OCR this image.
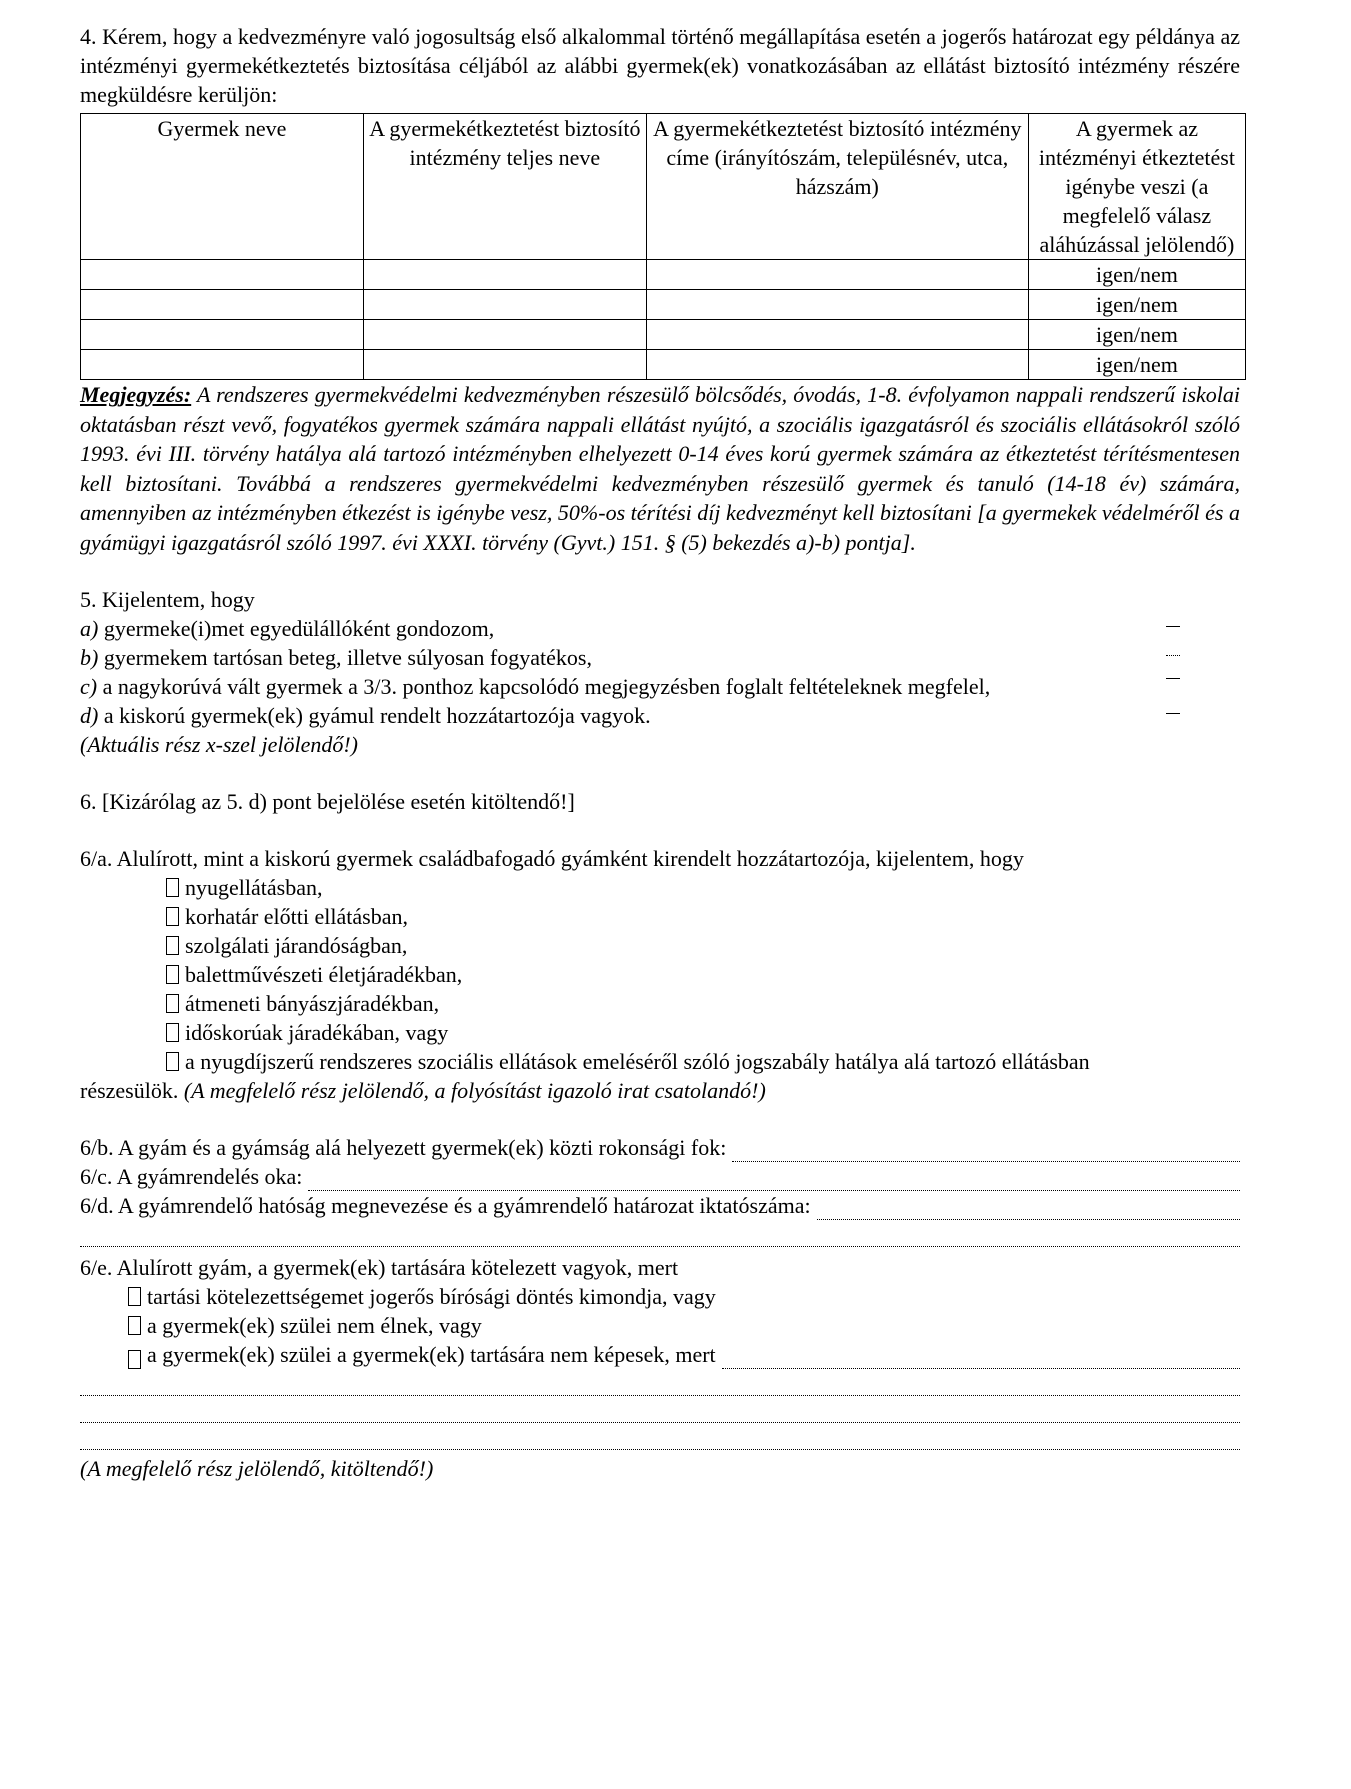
4. Kérem, hogy a kedvezményre való jogosultság első alkalommal történő megállapítása esetén a jogerős határozat egy példánya az intézményi gyermekétkeztetés biztosítása céljából az alábbi gyermek(ek) vonatkozásában az ellátást biztosító intézmény részére megküldésre kerüljön:

Gyermek neve	A gyermekétkeztetést biztosító intézmény teljes neve	A gyermekétkeztetést biztosító intézmény címe (irányítószám, településnév, utca, házszám)	A gyermek az intézményi étkeztetést igénybe veszi (a megfelelő válasz aláhúzással jelölendő)
			igen/nem
			igen/nem
			igen/nem
			igen/nem

Megjegyzés: A rendszeres gyermekvédelmi kedvezményben részesülő bölcsődés, óvodás, 1-8. évfolyamon nappali rendszerű iskolai oktatásban részt vevő, fogyatékos gyermek számára nappali ellátást nyújtó, a szociális igazgatásról és szociális ellátásokról szóló 1993. évi III. törvény hatálya alá tartozó intézményben elhelyezett 0-14 éves korú gyermek számára az étkeztetést térítésmentesen kell biztosítani. Továbbá a rendszeres gyermekvédelmi kedvezményben részesülő gyermek és tanuló (14-18 év) számára, amennyiben az intézményben étkezést is igénybe vesz, 50%-os térítési díj kedvezményt kell biztosítani [a gyermekek védelméről és a gyámügyi igazgatásról szóló 1997. évi XXXI. törvény (Gyvt.) 151. § (5) bekezdés a)-b) pontja].

5. Kijelentem, hogy

a) gyermeke(i)met egyedülállóként gondozom,
b) gyermekem tartósan beteg, illetve súlyosan fogyatékos,
c) a nagykorúvá vált gyermek a 3/3. ponthoz kapcsolódó megjegyzésben foglalt feltételeknek megfelel,
d) a kiskorú gyermek(ek) gyámul rendelt hozzátartozója vagyok.

(Aktuális rész x-szel jelölendő!)

6. [Kizárólag az 5. d) pont bejelölése esetén kitöltendő!]

6/a. Alulírott, mint a kiskorú gyermek családbafogadó gyámként kirendelt hozzátartozója, kijelentem, hogy

nyugellátásban,
korhatár előtti ellátásban,
szolgálati járandóságban,
balettművészeti életjáradékban,
átmeneti bányászjáradékban,
időskorúak járadékában, vagy
a nyugdíjszerű rendszeres szociális ellátások emeléséről szóló jogszabály hatálya alá tartozó ellátásban

részesülök. (A megfelelő rész jelölendő, a folyósítást igazoló irat csatolandó!)

6/b. A gyám és a gyámság alá helyezett gyermek(ek) közti rokonsági fok:
6/c. A gyámrendelés oka:
6/d. A gyámrendelő hatóság megnevezése és a gyámrendelő határozat iktatószáma:

6/e. Alulírott gyám, a gyermek(ek) tartására kötelezett vagyok, mert

tartási kötelezettségemet jogerős bírósági döntés kimondja, vagy
a gyermek(ek) szülei nem élnek, vagy
a gyermek(ek) szülei a gyermek(ek) tartására nem képesek, mert

(A megfelelő rész jelölendő, kitöltendő!)
